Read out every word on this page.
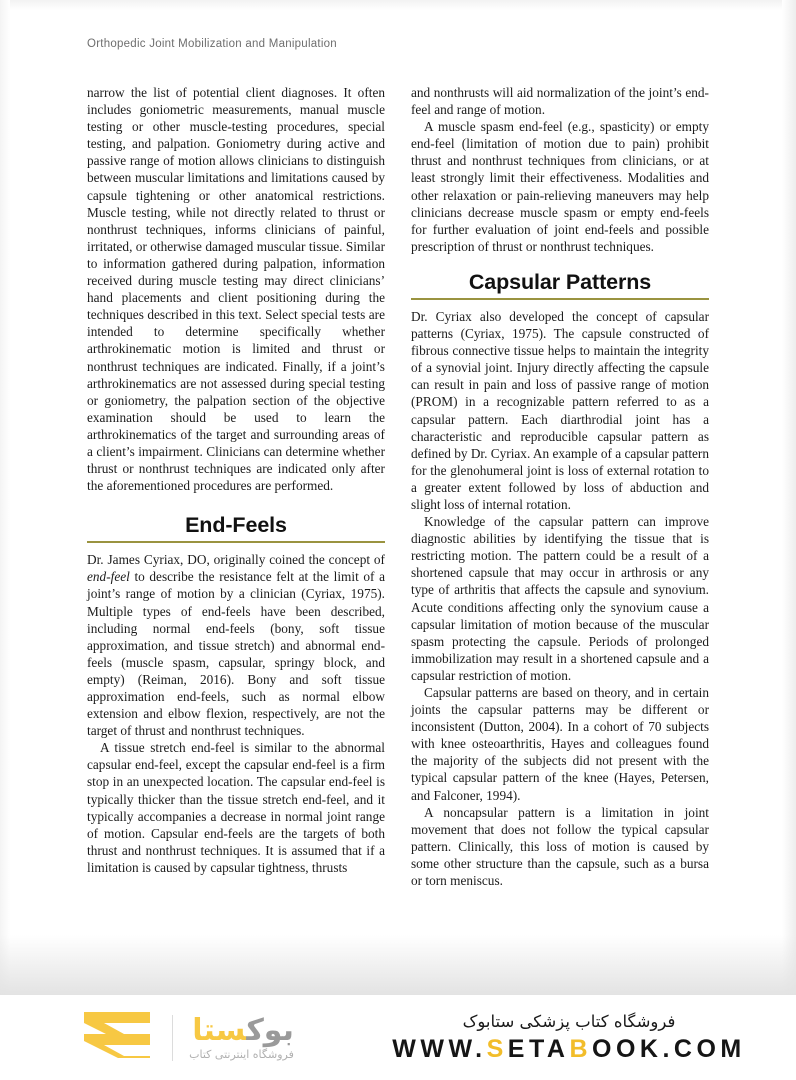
Orthopedic Joint Mobilization and Manipulation

narrow the list of potential client diagnoses. It often includes goniometric measurements, manual muscle testing or other muscle-testing procedures, special testing, and palpation. Goniometry during active and passive range of motion allows clinicians to distinguish between muscular limitations and limitations caused by capsule tightening or other anatomical restrictions. Muscle testing, while not directly related to thrust or nonthrust techniques, informs clinicians of painful, irritated, or otherwise damaged muscular tissue. Similar to information gathered during palpation, information received during muscle testing may direct clinicians’ hand placements and client positioning during the techniques described in this text. Select special tests are intended to determine specifically whether arthrokinematic motion is limited and thrust or nonthrust techniques are indicated. Finally, if a joint’s arthrokinematics are not assessed during special testing or goniometry, the palpation section of the objective examination should be used to learn the arthrokinematics of the target and surrounding areas of a client’s impairment. Clinicians can determine whether thrust or nonthrust techniques are indicated only after the aforementioned procedures are performed.

End-Feels

Dr. James Cyriax, DO, originally coined the concept of end-feel to describe the resistance felt at the limit of a joint’s range of motion by a clinician (Cyriax, 1975). Multiple types of end-feels have been described, including normal end-feels (bony, soft tissue approximation, and tissue stretch) and abnormal end-feels (muscle spasm, capsular, springy block, and empty) (Reiman, 2016). Bony and soft tissue approximation end-feels, such as normal elbow extension and elbow flexion, respectively, are not the target of thrust and nonthrust techniques.

A tissue stretch end-feel is similar to the abnormal capsular end-feel, except the capsular end-feel is a firm stop in an unexpected location. The capsular end-feel is typically thicker than the tissue stretch end-feel, and it typically accompanies a decrease in normal joint range of motion. Capsular end-feels are the targets of both thrust and nonthrust techniques. It is assumed that if a limitation is caused by capsular tightness, thrusts

and nonthrusts will aid normalization of the joint’s end-feel and range of motion.

A muscle spasm end-feel (e.g., spasticity) or empty end-feel (limitation of motion due to pain) prohibit thrust and nonthrust techniques from clinicians, or at least strongly limit their effectiveness. Modalities and other relaxation or pain-relieving maneuvers may help clinicians decrease muscle spasm or empty end-feels for further evaluation of joint end-feels and possible prescription of thrust or nonthrust techniques.

Capsular Patterns

Dr. Cyriax also developed the concept of capsular patterns (Cyriax, 1975). The capsule constructed of fibrous connective tissue helps to maintain the integrity of a synovial joint. Injury directly affecting the capsule can result in pain and loss of passive range of motion (PROM) in a recognizable pattern referred to as a capsular pattern. Each diarthrodial joint has a characteristic and reproducible capsular pattern as defined by Dr. Cyriax. An example of a capsular pattern for the glenohumeral joint is loss of external rotation to a greater extent followed by loss of abduction and slight loss of internal rotation.

Knowledge of the capsular pattern can improve diagnostic abilities by identifying the tissue that is restricting motion. The pattern could be a result of a shortened capsule that may occur in arthrosis or any type of arthritis that affects the capsule and synovium. Acute conditions affecting only the synovium cause a capsular limitation of motion because of the muscular spasm protecting the capsule. Periods of prolonged immobilization may result in a shortened capsule and a capsular restriction of motion.

Capsular patterns are based on theory, and in certain joints the capsular patterns may be different or inconsistent (Dutton, 2004). In a cohort of 70 subjects with knee osteoarthritis, Hayes and colleagues found the majority of the subjects did not present with the typical capsular pattern of the knee (Hayes, Petersen, and Falconer, 1994).

A noncapsular pattern is a limitation in joint movement that does not follow the typical capsular pattern. Clinically, this loss of motion is caused by some other structure than the capsule, such as a bursa or torn meniscus.

بوکستا
فروشگاه اینترنتی کتاب
فروشگاه کتاب پزشکی ستابوک
WWW.SETABOOK.COM
